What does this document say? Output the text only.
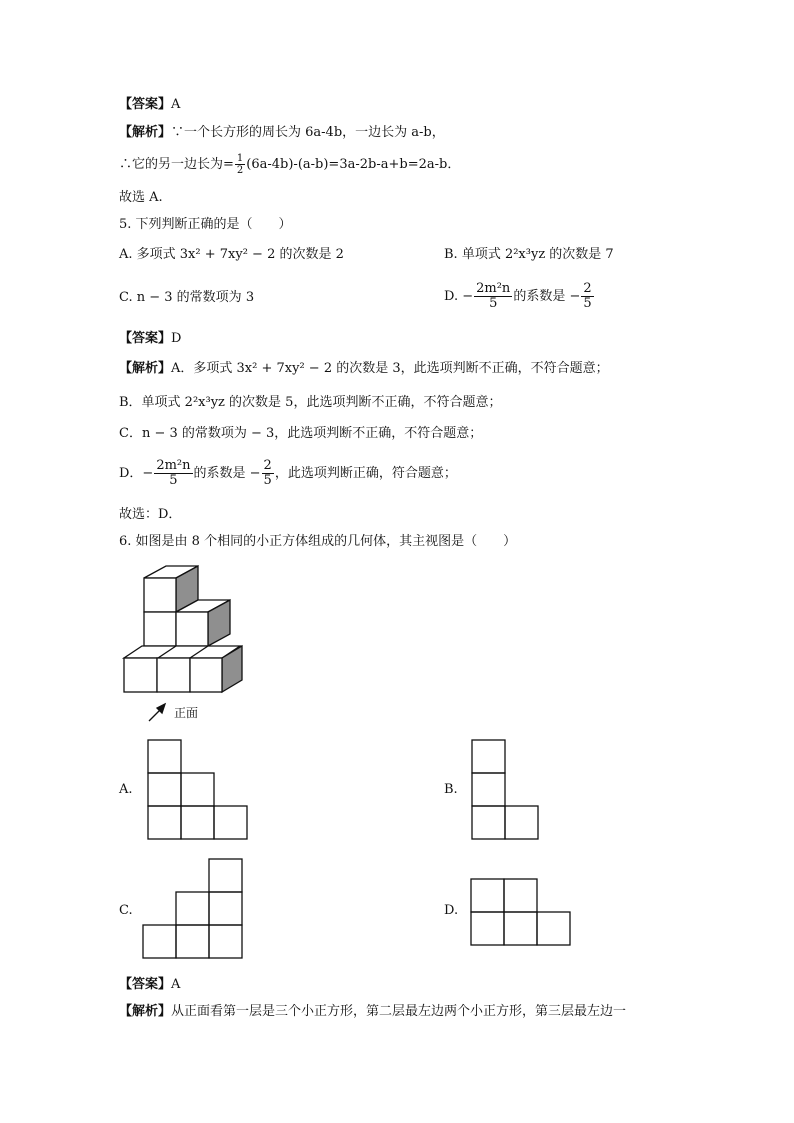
【答案】A
【解析】∵一个长方形的周长为 6a-4b，一边长为 a-b，
∴它的另一边长为= $\frac{1}{2} (6a-4b)-(a-b)=3a-2b-a+b=2a-b$．
故选 A.
5. 下列判断正确的是（　　）
A. 多项式 3x² + 7xy² − 2 的次数是 2	B. 单项式 2²x³yz 的次数是 7
C. n − 3 的常数项为 3	D. − $\frac{\text{2m²n}}{5}$ 的系数是 − $\frac{2}{5}$
【答案】D
【解析】A．多项式 3x² + 7xy² − 2 的次数是 3，此选项判断不正确，不符合题意；
B．单项式 2²x³yz 的次数是 5，此选项判断不正确，不符合题意；
C．n − 3 的常数项为 − 3，此选项判断不正确，不符合题意；
D．− $\frac{\text{2m²n}}{5}$ 的系数是 − $\frac{2}{5}$ ，此选项判断正确，符合题意；
故选：D．
6. 如图是由 8 个相同的小正方体组成的几何体，其主视图是（　　）
正面
A.	B.
C.	D.
【答案】A
【解析】从正面看第一层是三个小正方形，第二层最左边两个小正方形，第三层最左边一
